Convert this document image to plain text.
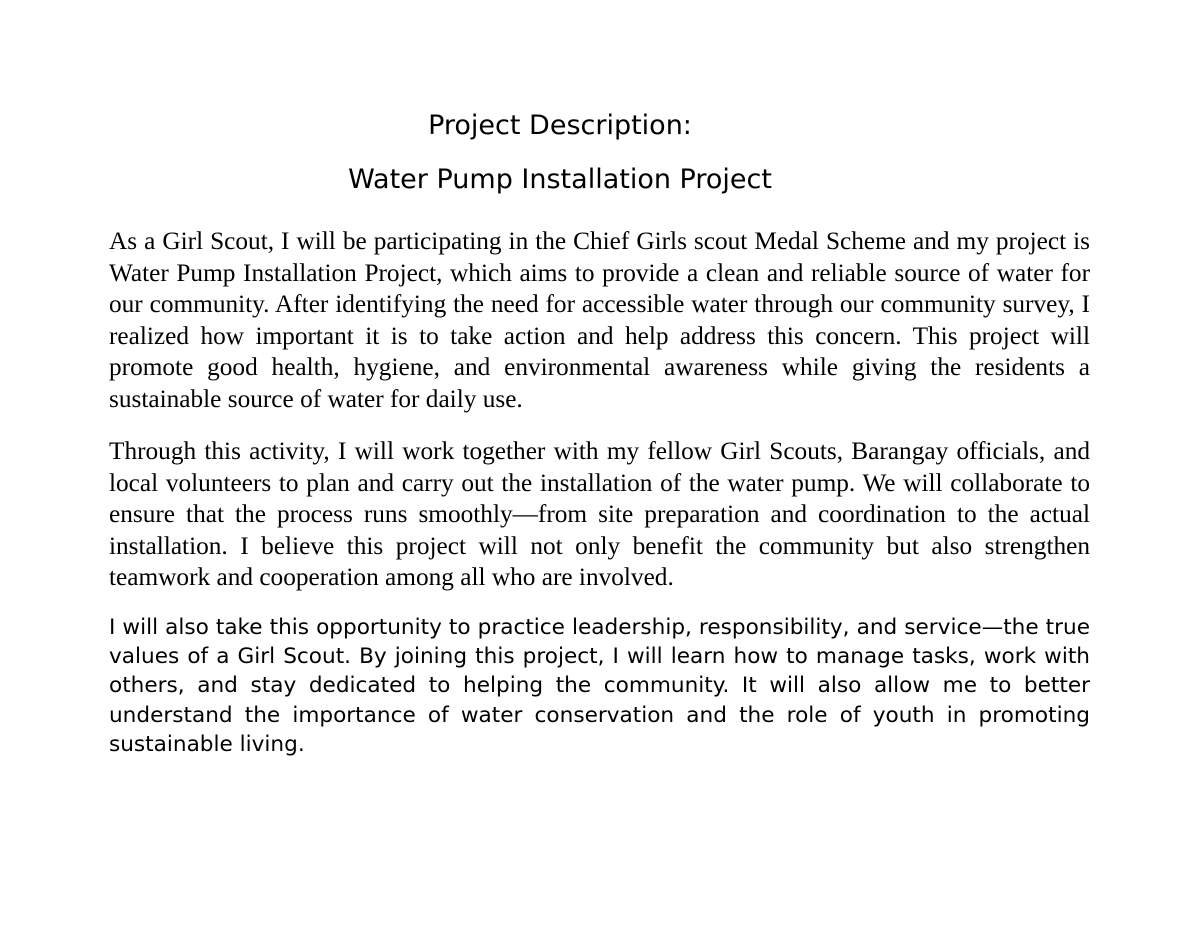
Project Description:
Water Pump Installation Project

As a Girl Scout, I will be participating in the Chief Girls scout Medal Scheme and my project is Water Pump Installation Project, which aims to provide a clean and reliable source of water for our community. After identifying the need for accessible water through our community survey, I realized how important it is to take action and help address this concern. This project will promote good health, hygiene, and environmental awareness while giving the residents a sustainable source of water for daily use.

Through this activity, I will work together with my fellow Girl Scouts, Barangay officials, and local volunteers to plan and carry out the installation of the water pump. We will collaborate to ensure that the process runs smoothly—from site preparation and coordination to the actual installation. I believe this project will not only benefit the community but also strengthen teamwork and cooperation among all who are involved.

I will also take this opportunity to practice leadership, responsibility, and service—the true values of a Girl Scout. By joining this project, I will learn how to manage tasks, work with others, and stay dedicated to helping the community. It will also allow me to better understand the importance of water conservation and the role of youth in promoting sustainable living.
